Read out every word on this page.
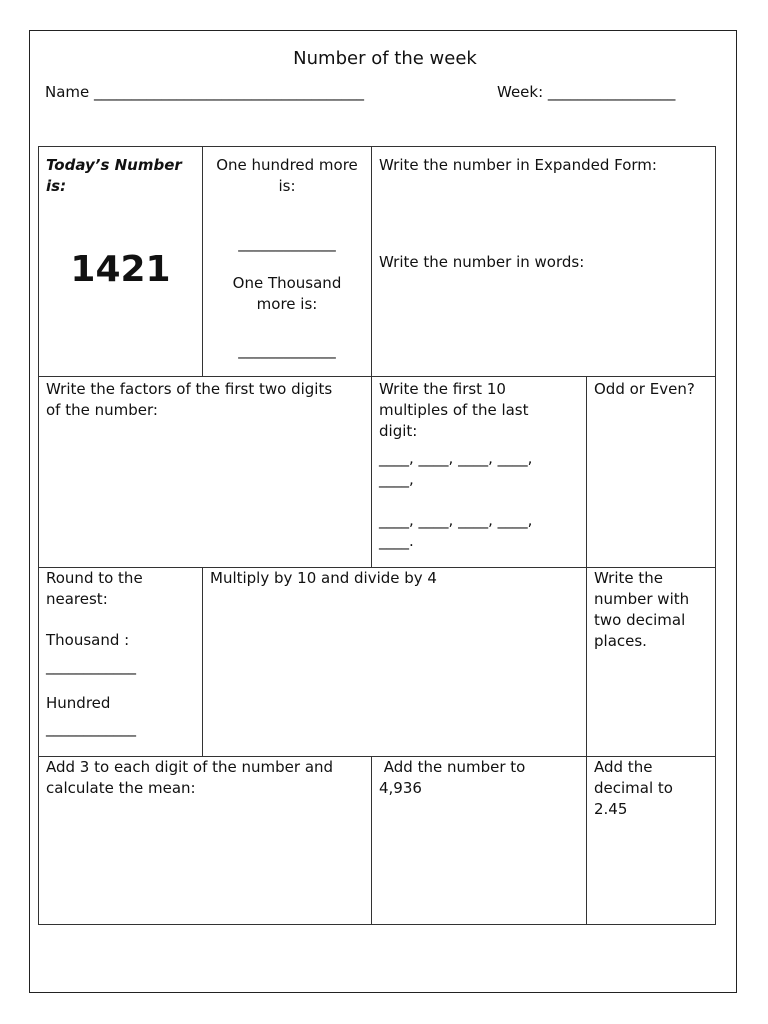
Number of the week
Name ____________________________________	Week: _________________
Today’s Number
is:
1421
One hundred more
is:
_____________
One Thousand
more is:
_____________
Write the number in Expanded Form:
Write the number in words:
Write the factors of the first two digits
of the number:
Write the first 10
multiples of the last
digit:
____, ____, ____, ____,
____,
____, ____, ____, ____,
____.
Odd or Even?
Round to the
nearest:
Thousand :
____________
Hundred
____________
Multiply by 10 and divide by 4	Write the
number with
two decimal
places.
Add 3 to each digit of the number and
calculate the mean:
Add the number to
4,936
Add the
decimal to
2.45
